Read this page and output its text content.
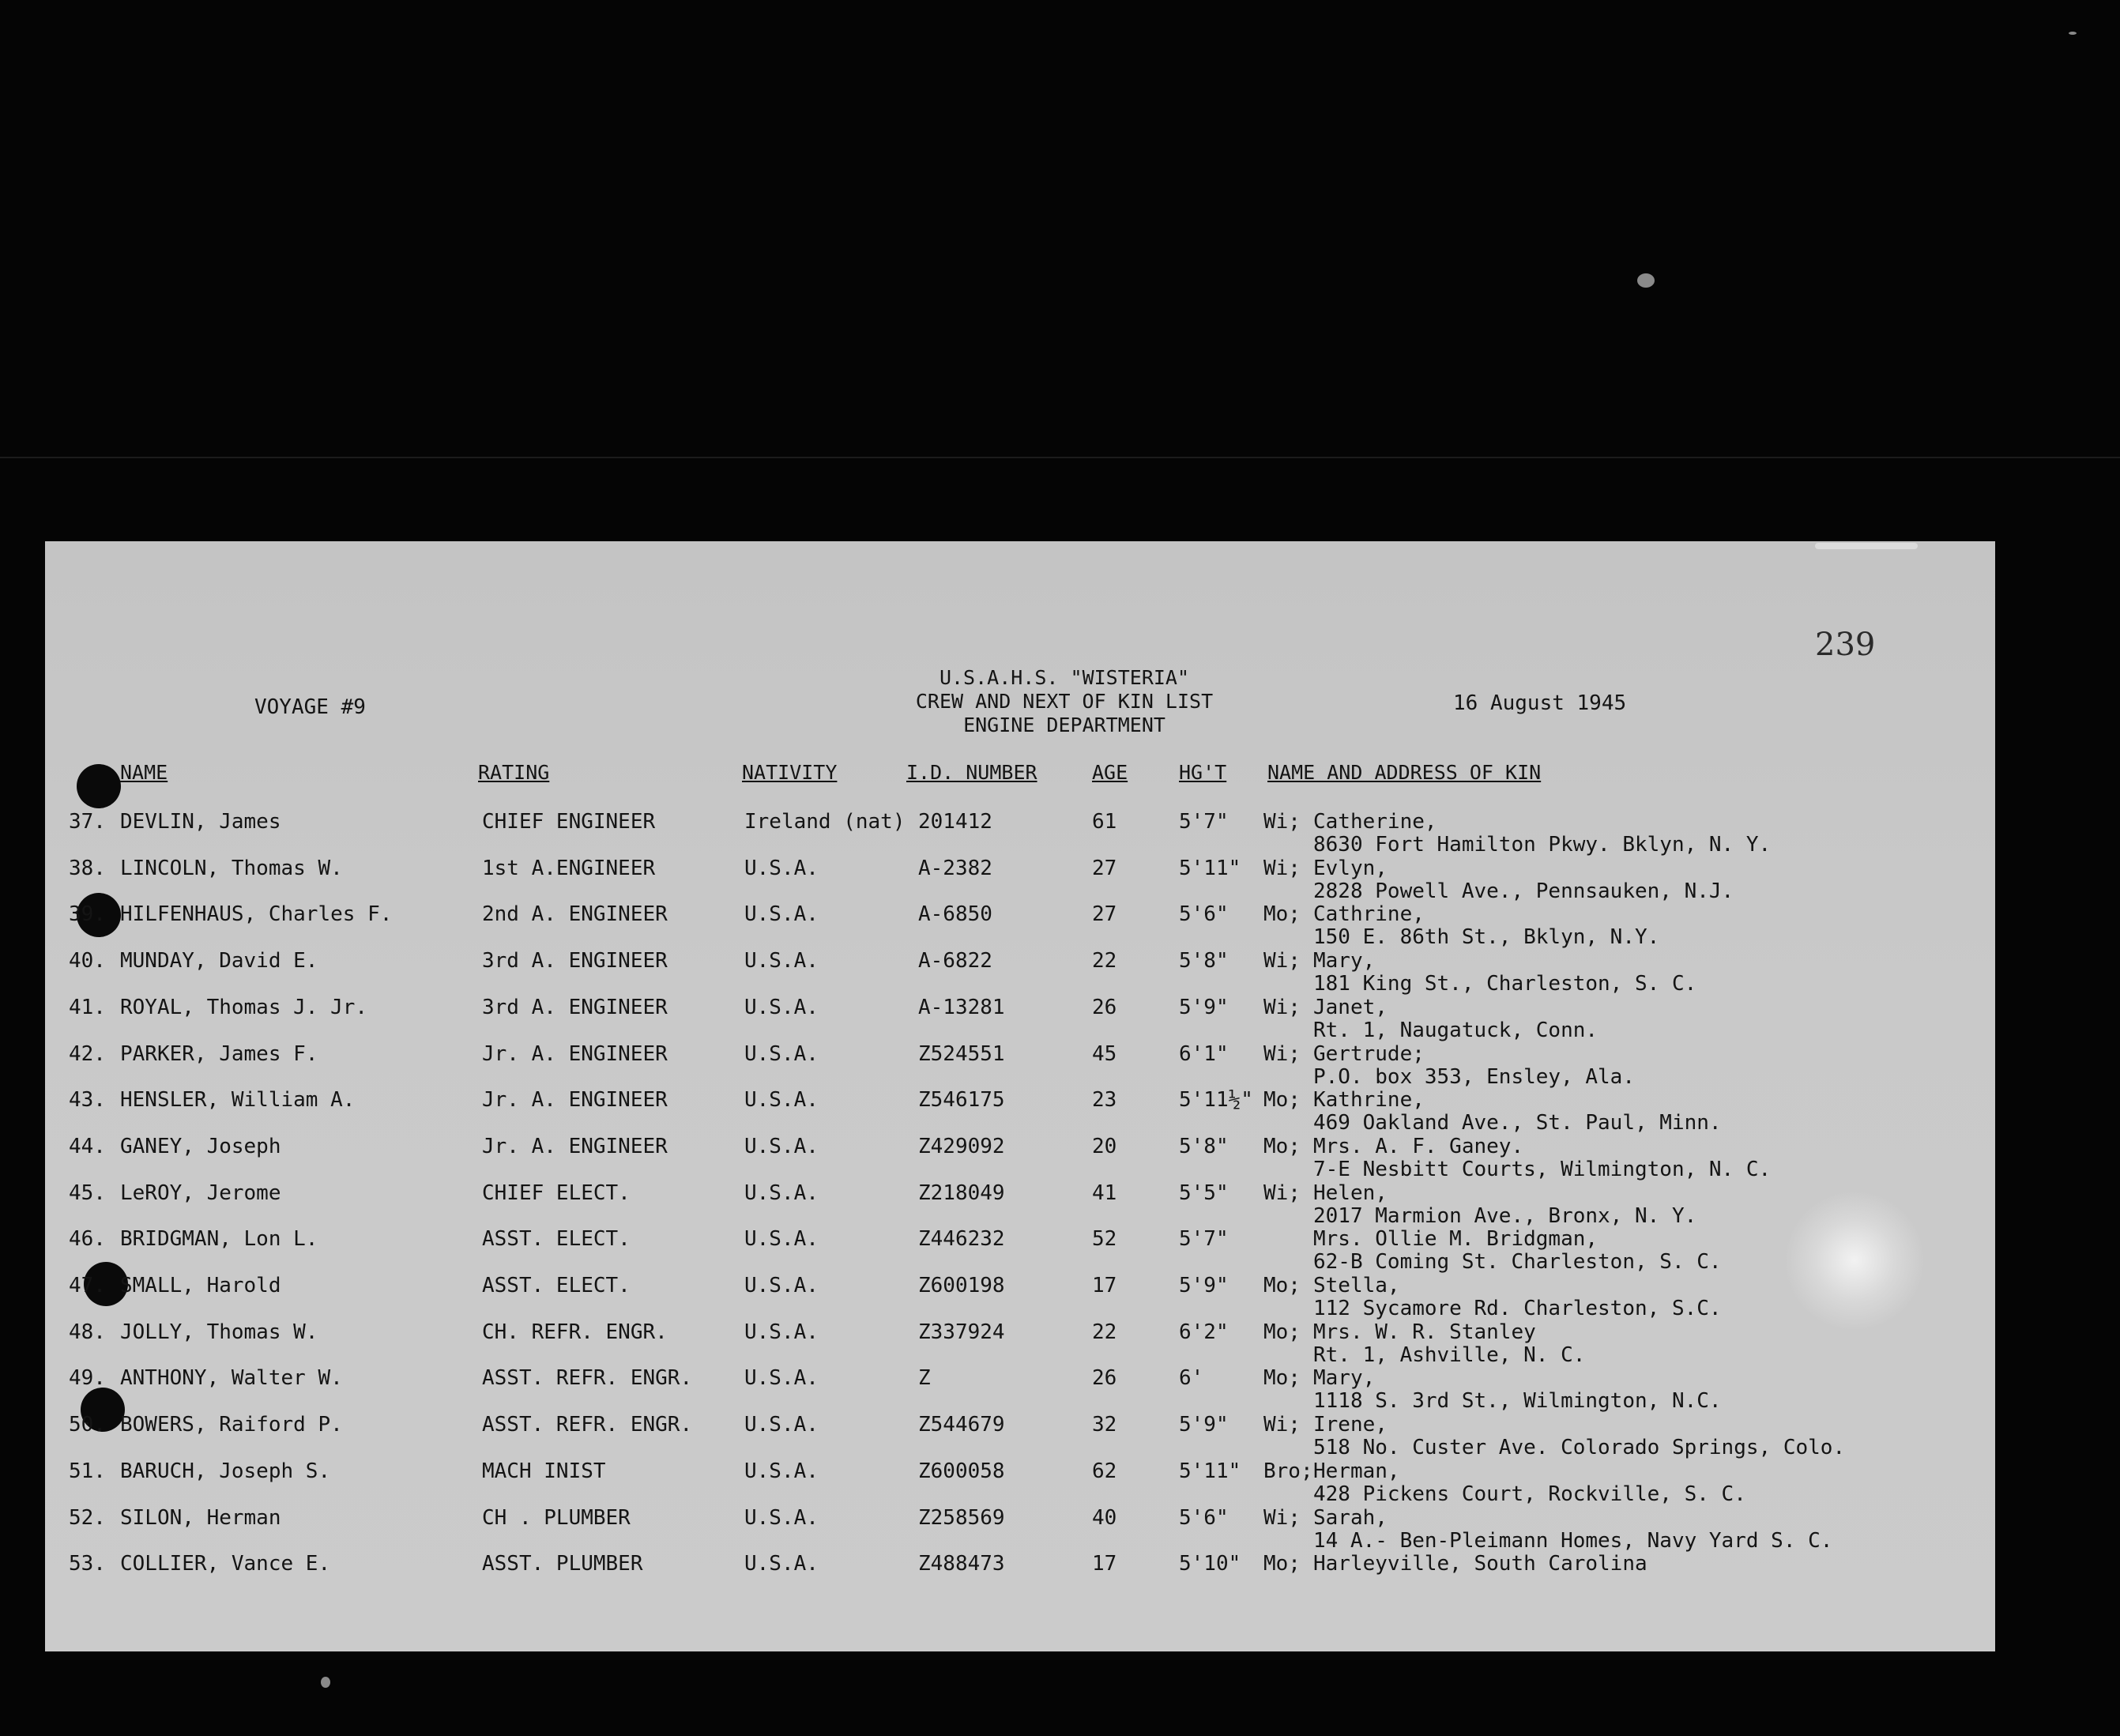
239
VOYAGE #9
U.S.A.H.S. "WISTERIA"
CREW AND NEXT OF KIN LIST
ENGINE DEPARTMENT
16 August 1945
NAME	RATING	NATIVITY	I.D. NUMBER	AGE	HG'T NAME AND ADDRESS OF KIN
37. DEVLIN, James	CHIEF ENGINEER	Ireland (nat) 201412	61	5'7" Wi; Catherine,
8630 Fort Hamilton Pkwy. Bklyn, N. Y.
38. LINCOLN, Thomas W.	1st A.ENGINEER	U.S.A.	A-2382	27	5'11" Wi; Evlyn,
2828 Powell Ave., Pennsauken, N.J.
39. HILFENHAUS, Charles F.	2nd A. ENGINEER	U.S.A.	A-6850	27	5'6" Mo; Cathrine,
150 E. 86th St., Bklyn, N.Y.
40. MUNDAY, David E.	3rd A. ENGINEER	U.S.A.	A-6822	22	5'8" Wi; Mary,
181 King St., Charleston, S. C.
41. ROYAL, Thomas J. Jr.	3rd A. ENGINEER	U.S.A.	A-13281	26	5'9" Wi; Janet,
Rt. 1, Naugatuck, Conn.
42. PARKER, James F.	Jr. A. ENGINEER	U.S.A.	Z524551	45	6'1" Wi; Gertrude;
P.O. box 353, Ensley, Ala.
43. HENSLER, William A.	Jr. A. ENGINEER	U.S.A.	Z546175	23	5'11½" Mo; Kathrine,
469 Oakland Ave., St. Paul, Minn.
44. GANEY, Joseph	Jr. A. ENGINEER	U.S.A.	Z429092	20	5'8" Mo; Mrs. A. F. Ganey.
7-E Nesbitt Courts, Wilmington, N. C.
45. LeROY, Jerome	CHIEF ELECT.	U.S.A.	Z218049	41	5'5" Wi; Helen,
2017 Marmion Ave., Bronx, N. Y.
46. BRIDGMAN, Lon L.	ASST. ELECT.	U.S.A.	Z446232	52	5'7"	Mrs. Ollie M. Bridgman,
62-B Coming St. Charleston, S. C.
47. SMALL, Harold	ASST. ELECT.	U.S.A.	Z600198	17	5'9" Mo; Stella,
112 Sycamore Rd. Charleston, S.C.
48. JOLLY, Thomas W.	CH. REFR. ENGR.	U.S.A.	Z337924	22	6'2" Mo; Mrs. W. R. Stanley
Rt. 1, Ashville, N. C.
49. ANTHONY, Walter W.	ASST. REFR. ENGR.	U.S.A.	Z	26	6'	Mo; Mary,
1118 S. 3rd St., Wilmington, N.C.
50. BOWERS, Raiford P.	ASST. REFR. ENGR.	U.S.A.	Z544679	32	5'9" Wi; Irene,
518 No. Custer Ave. Colorado Springs, Colo.
51. BARUCH, Joseph S.	MACH INIST	U.S.A.	Z600058	62	5'11" Bro; Herman,
428 Pickens Court, Rockville, S. C.
52. SILON, Herman	CH . PLUMBER	U.S.A.	Z258569	40	5'6" Wi; Sarah,
14 A.- Ben-Pleimann Homes, Navy Yard S. C.
53. COLLIER, Vance E.	ASST. PLUMBER	U.S.A.	Z488473	17	5'10" Mo; Harleyville, South Carolina
